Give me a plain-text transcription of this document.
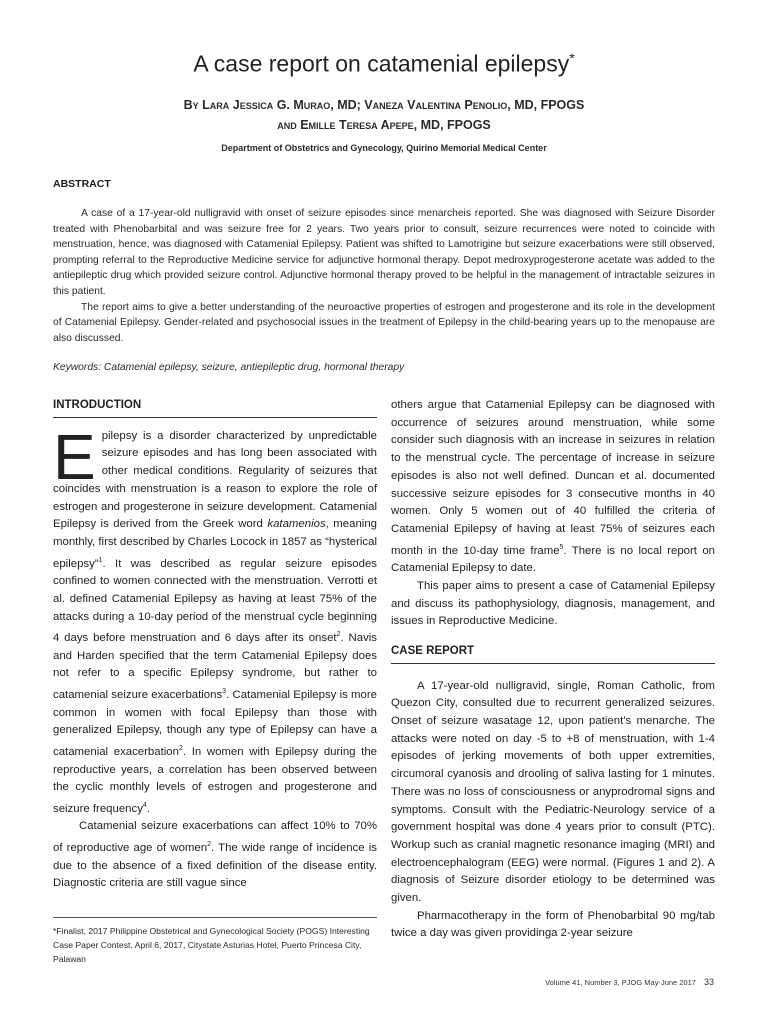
A case report on catamenial epilepsy*
By Lara Jessica G. Murao, MD; Vaneza Valentina Penolio, MD, FPOGS
and Emille Teresa Apepe, MD, FPOGS
Department of Obstetrics and Gynecology, Quirino Memorial Medical Center
ABSTRACT

A case of a 17-year-old nulligravid with onset of seizure episodes since menarcheis reported. She was diagnosed with Seizure Disorder treated with Phenobarbital and was seizure free for 2 years. Two years prior to consult, seizure recurrences were noted to coincide with menstruation, hence, was diagnosed with Catamenial Epilepsy. Patient was shifted to Lamotrigine but seizure exacerbations were still observed, prompting referral to the Reproductive Medicine service for adjunctive hormonal therapy. Depot medroxyprogesterone acetate was added to the antiepileptic drug which provided seizure control. Adjunctive hormonal therapy proved to be helpful in the management of intractable seizures in this patient.

The report aims to give a better understanding of the neuroactive properties of estrogen and progesterone and its role in the development of Catamenial Epilepsy. Gender-related and psychosocial issues in the treatment of Epilepsy in the child-bearing years up to the menopause are also discussed.

Keywords: Catamenial epilepsy, seizure, antiepileptic drug, hormonal therapy
INTRODUCTION

Epilepsy is a disorder characterized by unpredictable seizure episodes and has long been associated with other medical conditions. Regularity of seizures that coincides with menstruation is a reason to explore the role of estrogen and progesterone in seizure development. Catamenial Epilepsy is derived from the Greek word katamenios, meaning monthly, first described by Charles Locock in 1857 as “hysterical epilepsy”$^1$. It was described as regular seizure episodes confined to women connected with the menstruation. Verrotti et al. defined Catamenial Epilepsy as having at least 75% of the attacks during a 10-day period of the menstrual cycle beginning 4 days before menstruation and 6 days after its onset$^2$. Navis and Harden specified that the term Catamenial Epilepsy does not refer to a specific Epilepsy syndrome, but rather to catamenial seizure exacerbations$^3$. Catamenial Epilepsy is more common in women with focal Epilepsy than those with generalized Epilepsy, though any type of Epilepsy can have a catamenial exacerbation$^2$. In women with Epilepsy during the reproductive years, a correlation has been observed between the cyclic monthly levels of estrogen and progesterone and seizure frequency$^4$.

Catamenial seizure exacerbations can affect 10% to 70% of reproductive age of women$^2$. The wide range of incidence is due to the absence of a fixed definition of the disease entity. Diagnostic criteria are still vague since

others argue that Catamenial Epilepsy can be diagnosed with occurrence of seizures around menstruation, while some consider such diagnosis with an increase in seizures in relation to the menstrual cycle. The percentage of increase in seizure episodes is also not well defined. Duncan et al. documented successive seizure episodes for 3 consecutive months in 40 women. Only 5 women out of 40 fulfilled the criteria of Catamenial Epilepsy of having at least 75% of seizures each month in the 10-day time frame$^5$. There is no local report on Catamenial Epilepsy to date.

This paper aims to present a case of Catamenial Epilepsy and discuss its pathophysiology, diagnosis, management, and issues in Reproductive Medicine.

CASE REPORT

A 17-year-old nulligravid, single, Roman Catholic, from Quezon City, consulted due to recurrent generalized seizures. Onset of seizure wasatage 12, upon patient’s menarche. The attacks were noted on day -5 to +8 of menstruation, with 1-4 episodes of jerking movements of both upper extremities, circumoral cyanosis and drooling of saliva lasting for 1 minutes. There was no loss of consciousness or anyprodromal signs and symptoms. Consult with the Pediatric-Neurology service of a government hospital was done 4 years prior to consult (PTC). Workup such as cranial magnetic resonance imaging (MRI) and electroencephalogram (EEG) were normal. (Figures 1 and 2). A diagnosis of Seizure disorder etiology to be determined was given.

Pharmacotherapy in the form of Phenobarbital 90 mg/tab twice a day was given providinga 2-year seizure

*Finalist, 2017 Philippine Obstetrical and Gynecological Society (POGS) Interesting Case Paper Contest, April 6, 2017, Citystate Asturias Hotel, Puerto Princesa City, Palawan
Volume 41, Number 3, PJOG May-June 2017 33
